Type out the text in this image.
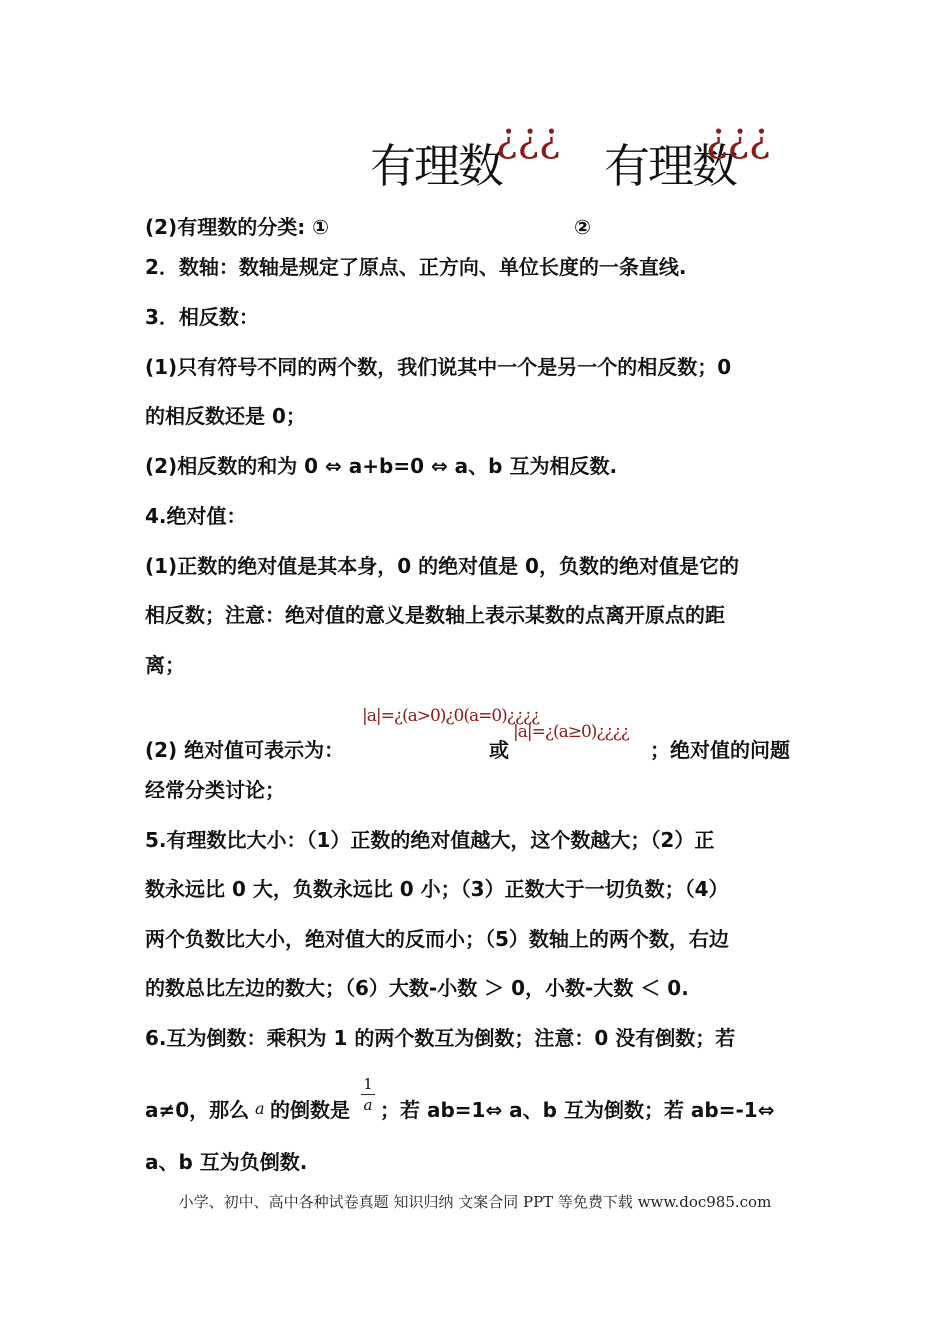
有理数
¿¿¿
有理数
¿¿¿
(2)有理数的分类: ①	②
2．数轴：数轴是规定了原点、正方向、单位长度的一条直线.
3．相反数：
(1)只有符号不同的两个数，我们说其中一个是另一个的相反数；0
的相反数还是 0；
(2)相反数的和为 0 ⇔ a+b=0 ⇔ a、b 互为相反数.
4.绝对值：
(1)正数的绝对值是其本身，0 的绝对值是 0，负数的绝对值是它的
相反数；注意：绝对值的意义是数轴上表示某数的点离开原点的距
离；
(2) 绝对值可表示为：
|a|=¿(a>0)¿0(a=0)¿¿¿¿
或
|a|=¿(a≥0)¿¿¿¿
；绝对值的问题
经常分类讨论；
5.有理数比大小：（1）正数的绝对值越大，这个数越大；（2）正
数永远比 0 大，负数永远比 0 小；（3）正数大于一切负数；（4）
两个负数比大小，绝对值大的反而小；（5）数轴上的两个数，右边
的数总比左边的数大；（6）大数-小数 ＞ 0，小数-大数 ＜ 0.
6.互为倒数：乘积为 1 的两个数互为倒数；注意：0 没有倒数；若
a≠0，那么 a 的倒数是
1
a ；若 ab=1⇔ a、b 互为倒数；若 ab=-1⇔
a、b 互为负倒数.
小学、初中、高中各种试卷真题 知识归纳 文案合同 PPT 等免费下载 www.doc985.com
